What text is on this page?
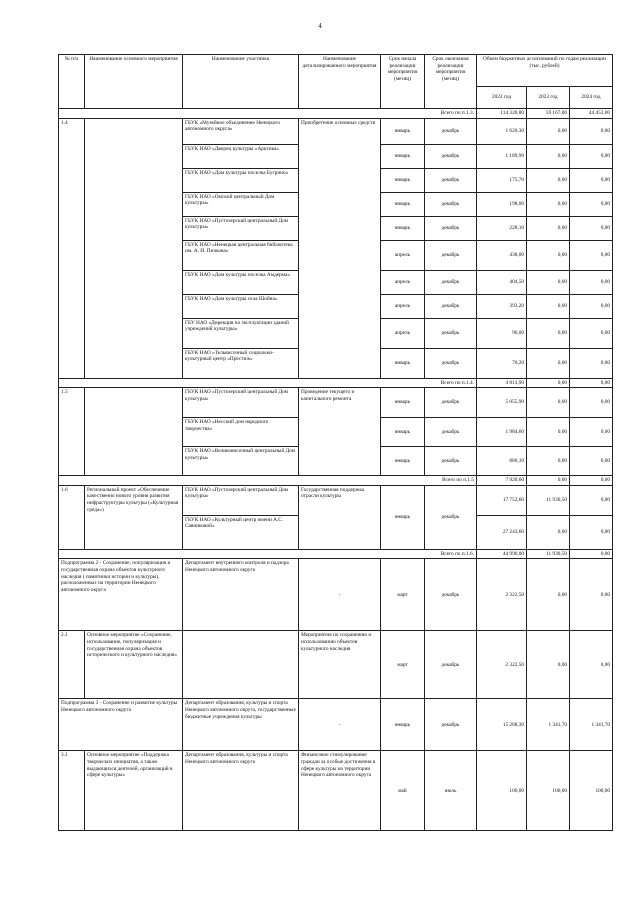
4
№ п/п	Наименование основного мероприятия	Наименование участника	Наименование детализированного мероприятия	Срок начала реализации мероприятия (месяц)	Срок окончания реализации мероприятия (месяц)	Объем бюджетных ассигнований по годам реализации (тыс. рублей)		
						2022 год	2023 год	2024 год
Всего по п.1.3.						114 320,80	59 167,00	44 453,00
1.4		ГБУК «Музейное объединение Ненецкого автономного округа»	Приобретение основных средств	январь	декабрь	1 620,30	0,00	0,00
		ГБУК НАО «Дворец культуры «Арктика»		январь	декабрь	1 189,90	0,00	0,00
		ГБУК НАО «Дом культуры поселка Бугрино»		январь	декабрь	175,70	0,00	0,00
		ГБУК НАО «Омский центральный Дом культуры»		январь	декабрь	198,00	0,00	0,00
		ГБУК НАО «Пустозерский центральный Дом культуры»		январь	декабрь	228,10	0,00	0,00
		ГБУК НАО «Ненецкая центральная библиотека им. А. И. Пичкова»		апрель	декабрь	438,00	0,00	0,00
		ГБУК НАО «Дом культуры поселка Амдерма»		апрель	декабрь	404,50	0,00	0,00
		ГБУК НАО «Дом культуры села Шойна»		апрель	декабрь	393,20	0,00	0,00
		ГБУ НАО «Дирекция по эксплуатации зданий учреждений культуры»		апрель	декабрь	96,00	0,00	0,00
		ГБУК НАО «Тельвисочный социально-культурный центр «Престиж»		январь	декабрь	70,20	0,00	0,00
Всего по п.1.4.						4 813,90	0,00	0,00
1.5		ГБУК НАО «Пустозерский центральный Дом культуры»	Проведение текущего и капитального ремонта	январь	декабрь	5 055,90	0,00	0,00
		ГБУК НАО «Несский дом народного творчества»		январь	декабрь	1 984,60	0,00	0,00
		ГБУК НАО «Великовисочный центральный Дом культуры»		январь	декабрь	880,10	0,00	0,00
Всего по п.1.5						7 920,60	0,00	0,00
1.6	Региональный проект «Обеспечение качественно нового уровня развития инфраструктуры культуры («Культурная среда»)	ГБУК НАО «Пустозерский центральный Дом культуры»	Государственная поддержка отрасли культуры	январь	декабрь	17 752,60	11 930,50	0,00
		ГБУК НАО «Культурный центр имени А.С. Савинковой»				27 243,60	0,00	0,00
Всего по п.1.6.						44 996,00	11 930,50	0,00
Подпрограмма 2 - Сохранение, популяризация и государственная охрана объектов культурного наследия ( памятники истории и культуры), расположенных на территории Ненецкого автономного округа		Департамент внутреннего контроля и надзора Ненецкого автономного округа	-	март	декабрь	2 322,50	0,00	0,00
2.1	Основное мероприятие «Сохранение, использование, популяризация и государственная охрана объектов исторического и культурного наследия»		Мероприятия по сохранению и использованию объектов культурного наследия	март	декабрь	2 322,50	0,00	0,00
Подпрограмма 3 - Сохранение и развитие культуры Ненецкого автономного округа		Департамент образования, культуры и спорта Ненецкого автономного округа, государственные бюджетные учреждения культуры	-	январь	декабрь	15 268,30	1 341,70	1 341,70
3.1	Основное мероприятие «Поддержка творческих инициатив, а также выдающихся деятелей, организаций в сфере культуры»	Департамент образования, культуры и спорта Ненецкого автономного округа	Финансовое стимулирование граждан за особые достижения в сфере культуры на территории Ненецкого автономного округа	май	июль	100,00	100,00	100,00
